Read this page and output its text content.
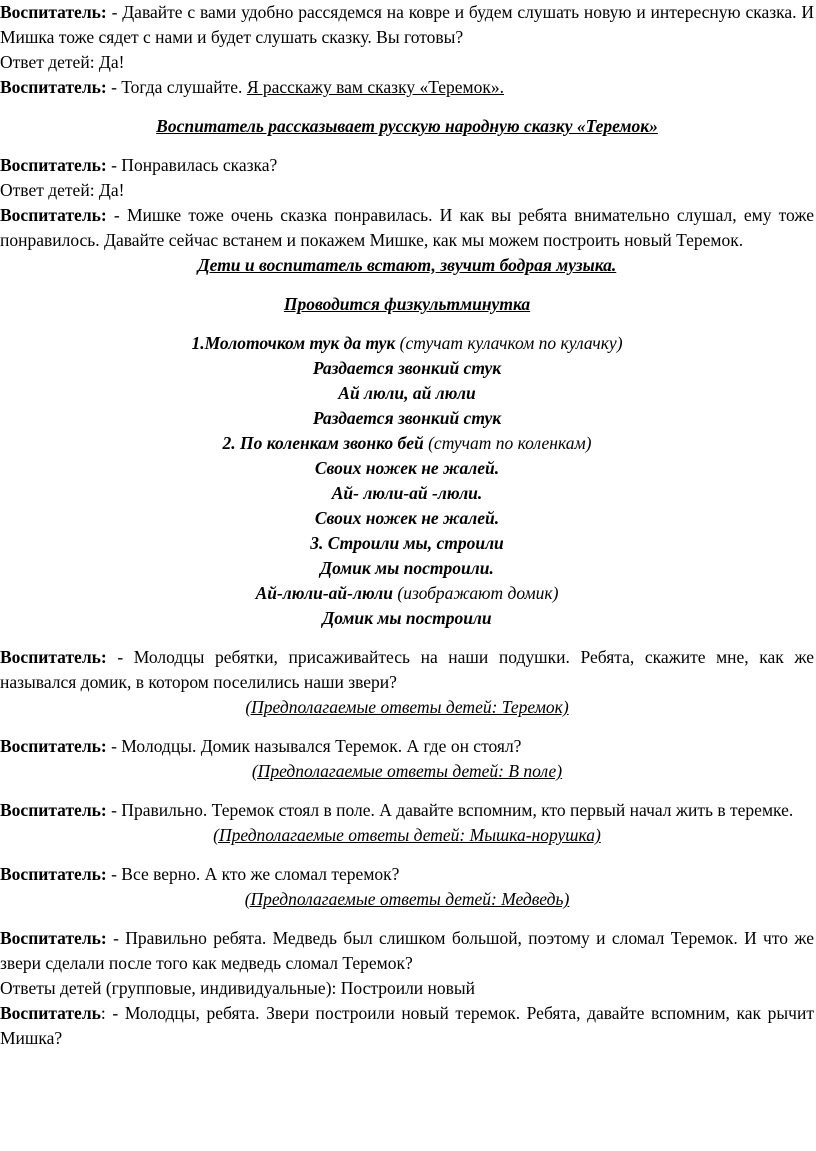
Воспитатель: - Давайте с вами удобно рассядемся на ковре и будем слушать новую и интересную сказка. И Мишка тоже сядет с нами и будет слушать сказку. Вы готовы?

Ответ детей: Да!

Воспитатель: - Тогда слушайте. Я расскажу вам сказку «Теремок».

Воспитатель рассказывает русскую народную сказку «Теремок»

Воспитатель: - Понравилась сказка?

Ответ детей: Да!

Воспитатель: - Мишке тоже очень сказка понравилась. И как вы ребята внимательно слушал, ему тоже понравилось. Давайте сейчас встанем и покажем Мишке, как мы можем построить новый Теремок.

Дети и воспитатель встают, звучит бодрая музыка.

Проводится физкультминутка

1.Молоточком тук да тук (стучат кулачком по кулачку)

Раздается звонкий стук

Ай люли, ай люли

Раздается звонкий стук

2. По коленкам звонко бей (стучат по коленкам)

Своих ножек не жалей.

Ай- люли-ай -люли.

Своих ножек не жалей.

3. Строили мы, строили

Домик мы построили.

Ай-люли-ай-люли (изображают домик)

Домик мы построили

Воспитатель: - Молодцы ребятки, присаживайтесь на наши подушки. Ребята, скажите мне, как же назывался домик, в котором поселились наши звери?

(Предполагаемые ответы детей: Теремок)

Воспитатель: - Молодцы. Домик назывался Теремок. А где он стоял?

(Предполагаемые ответы детей: В поле)

Воспитатель: - Правильно. Теремок стоял в поле. А давайте вспомним, кто первый начал жить в теремке.

(Предполагаемые ответы детей: Мышка-норушка)

Воспитатель: - Все верно. А кто же сломал теремок?

(Предполагаемые ответы детей: Медведь)

Воспитатель: - Правильно ребята. Медведь был слишком большой, поэтому и сломал Теремок. И что же звери сделали после того как медведь сломал Теремок?

Ответы детей (групповые, индивидуальные): Построили новый

Воспитатель: - Молодцы, ребята. Звери построили новый теремок. Ребята, давайте вспомним, как рычит Мишка?
